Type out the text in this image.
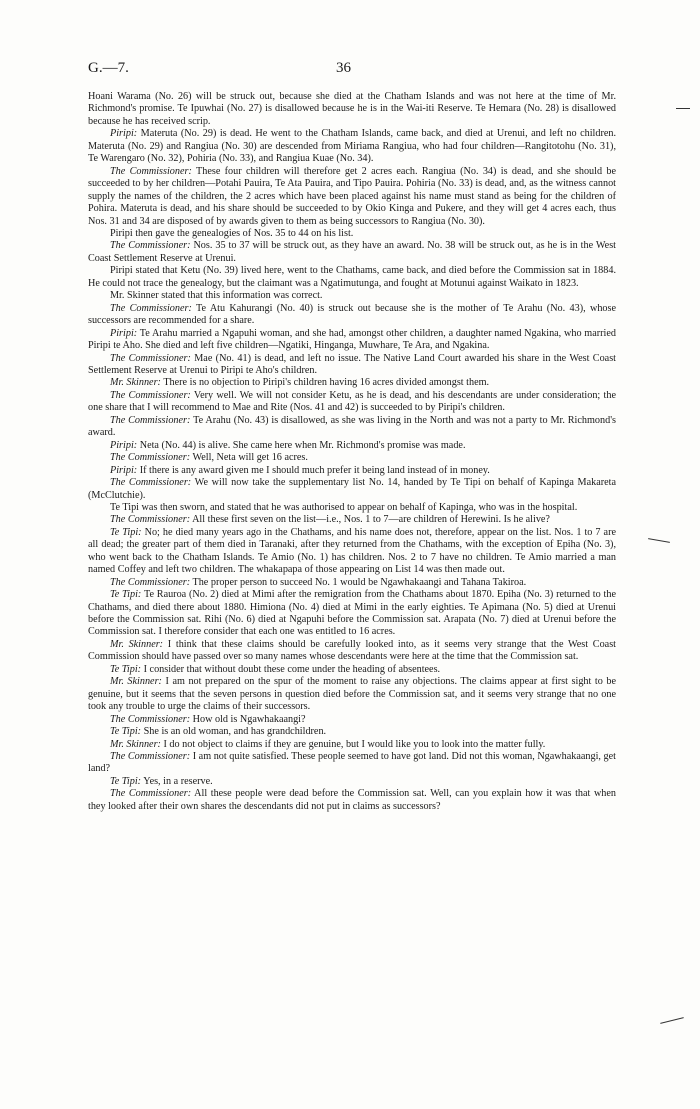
G.—7.	36

Hoani Warama (No. 26) will be struck out, because she died at the Chatham Islands and was not here at the time of Mr. Richmond's promise. Te Ipuwhai (No. 27) is disallowed because he is in the Wai-iti Reserve. Te Hemara (No. 28) is disallowed because he has received scrip.

Piripi: Materuta (No. 29) is dead. He went to the Chatham Islands, came back, and died at Urenui, and left no children. Materuta (No. 29) and Rangiua (No. 30) are descended from Miriama Rangiua, who had four children—Rangitotohu (No. 31), Te Warengaro (No. 32), Pohiria (No. 33), and Rangiua Kuae (No. 34).

The Commissioner: These four children will therefore get 2 acres each. Rangiua (No. 34) is dead, and she should be succeeded to by her children—Potahi Pauira, Te Ata Pauira, and Tipo Pauira. Pohiria (No. 33) is dead, and, as the witness cannot supply the names of the children, the 2 acres which have been placed against his name must stand as being for the children of Pohira. Materuta is dead, and his share should be succeeded to by Okio Kinga and Pukere, and they will get 4 acres each, thus Nos. 31 and 34 are disposed of by awards given to them as being successors to Rangiua (No. 30).

Piripi then gave the genealogies of Nos. 35 to 44 on his list.

The Commissioner: Nos. 35 to 37 will be struck out, as they have an award. No. 38 will be struck out, as he is in the West Coast Settlement Reserve at Urenui.

Piripi stated that Ketu (No. 39) lived here, went to the Chathams, came back, and died before the Commission sat in 1884. He could not trace the genealogy, but the claimant was a Ngatimutunga, and fought at Motunui against Waikato in 1823.

Mr. Skinner stated that this information was correct.

The Commissioner: Te Atu Kahurangi (No. 40) is struck out because she is the mother of Te Arahu (No. 43), whose successors are recommended for a share.

Piripi: Te Arahu married a Ngapuhi woman, and she had, amongst other children, a daughter named Ngakina, who married Piripi te Aho. She died and left five children—Ngatiki, Hinganga, Muwhare, Te Ara, and Ngakina.

The Commissioner: Mae (No. 41) is dead, and left no issue. The Native Land Court awarded his share in the West Coast Settlement Reserve at Urenui to Piripi te Aho's children.

Mr. Skinner: There is no objection to Piripi's children having 16 acres divided amongst them.

The Commissioner: Very well. We will not consider Ketu, as he is dead, and his descendants are under consideration; the one share that I will recommend to Mae and Rite (Nos. 41 and 42) is succeeded to by Piripi's children.

The Commissioner: Te Arahu (No. 43) is disallowed, as she was living in the North and was not a party to Mr. Richmond's award.

Piripi: Neta (No. 44) is alive. She came here when Mr. Richmond's promise was made.

The Commissioner: Well, Neta will get 16 acres.

Piripi: If there is any award given me I should much prefer it being land instead of in money.

The Commissioner: We will now take the supplementary list No. 14, handed by Te Tipi on behalf of Kapinga Makareta (McClutchie).

Te Tipi was then sworn, and stated that he was authorised to appear on behalf of Kapinga, who was in the hospital.

The Commissioner: All these first seven on the list—i.e., Nos. 1 to 7—are children of Herewini. Is he alive?

Te Tipi: No; he died many years ago in the Chathams, and his name does not, therefore, appear on the list. Nos. 1 to 7 are all dead; the greater part of them died in Taranaki, after they returned from the Chathams, with the exception of Epiha (No. 3), who went back to the Chatham Islands. Te Amio (No. 1) has children. Nos. 2 to 7 have no children. Te Amio married a man named Coffey and left two children. The whakapapa of those appearing on List 14 was then made out.

The Commissioner: The proper person to succeed No. 1 would be Ngawhakaangi and Tahana Takiroa.

Te Tipi: Te Rauroa (No. 2) died at Mimi after the remigration from the Chathams about 1870. Epiha (No. 3) returned to the Chathams, and died there about 1880. Himiona (No. 4) died at Mimi in the early eighties. Te Apimana (No. 5) died at Urenui before the Commission sat. Rihi (No. 6) died at Ngapuhi before the Commission sat. Arapata (No. 7) died at Urenui before the Commission sat. I therefore consider that each one was entitled to 16 acres.

Mr. Skinner: I think that these claims should be carefully looked into, as it seems very strange that the West Coast Commission should have passed over so many names whose descendants were here at the time that the Commission sat.

Te Tipi: I consider that without doubt these come under the heading of absentees.

Mr. Skinner: I am not prepared on the spur of the moment to raise any objections. The claims appear at first sight to be genuine, but it seems that the seven persons in question died before the Commission sat, and it seems very strange that no one took any trouble to urge the claims of their successors.

The Commissioner: How old is Ngawhakaangi?

Te Tipi: She is an old woman, and has grandchildren.

Mr. Skinner: I do not object to claims if they are genuine, but I would like you to look into the matter fully.

The Commissioner: I am not quite satisfied. These people seemed to have got land. Did not this woman, Ngawhakaangi, get land?

Te Tipi: Yes, in a reserve.

The Commissioner: All these people were dead before the Commission sat. Well, can you explain how it was that when they looked after their own shares the descendants did not put in claims as successors?
